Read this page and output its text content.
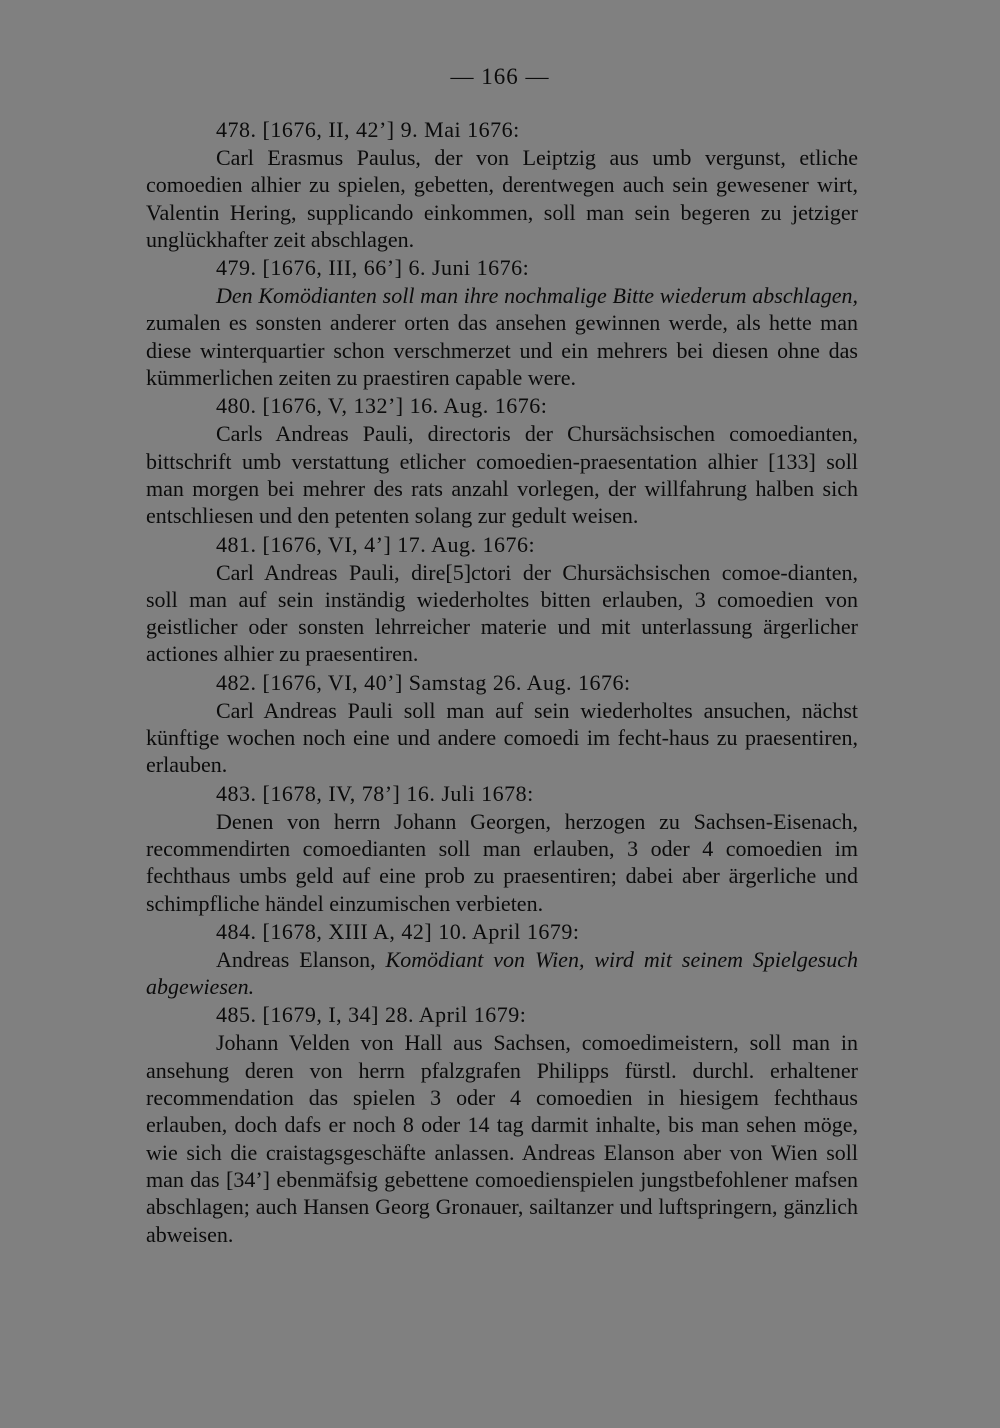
— 166 —
478. [1676, II, 42’] 9. Mai 1676:

Carl Erasmus Paulus, der von Leiptzig aus umb vergunst, etliche comoedien alhier zu spielen, gebetten, derentwegen auch sein gewesener wirt, Valentin Hering, supplicando einkommen, soll man sein begeren zu jetziger unglückhafter zeit abschlagen.

479. [1676, III, 66’] 6. Juni 1676:

Den Komödianten soll man ihre nochmalige Bitte wiederum abschlagen, zumalen es sonsten anderer orten das ansehen gewinnen werde, als hette man diese winterquartier schon verschmerzet und ein mehrers bei diesen ohne das kümmerlichen zeiten zu praestiren capable were.

480. [1676, V, 132’] 16. Aug. 1676:

Carls Andreas Pauli, directoris der Chursächsischen comoedianten, bittschrift umb verstattung etlicher comoedien-praesentation alhier [133] soll man morgen bei mehrer des rats anzahl vorlegen, der willfahrung halben sich entschliesen und den petenten solang zur gedult weisen.

481. [1676, VI, 4’] 17. Aug. 1676:

Carl Andreas Pauli, dire[5]ctori der Chursächsischen comoe-dianten, soll man auf sein inständig wiederholtes bitten erlauben, 3 comoedien von geistlicher oder sonsten lehrreicher materie und mit unterlassung ärgerlicher actiones alhier zu praesentiren.

482. [1676, VI, 40’] Samstag 26. Aug. 1676:

Carl Andreas Pauli soll man auf sein wiederholtes ansuchen, nächst künftige wochen noch eine und andere comoedi im fecht-haus zu praesentiren, erlauben.

483. [1678, IV, 78’] 16. Juli 1678:

Denen von herrn Johann Georgen, herzogen zu Sachsen-Eisenach, recommendirten comoedianten soll man erlauben, 3 oder 4 comoedien im fechthaus umbs geld auf eine prob zu praesentiren; dabei aber ärgerliche und schimpfliche händel einzumischen verbieten.

484. [1678, XIII A, 42] 10. April 1679:

Andreas Elanson, Komödiant von Wien, wird mit seinem Spielgesuch abgewiesen.

485. [1679, I, 34] 28. April 1679:

Johann Velden von Hall aus Sachsen, comoedimeistern, soll man in ansehung deren von herrn pfalzgrafen Philipps fürstl. durchl. erhaltener recommendation das spielen 3 oder 4 comoedien in hiesigem fechthaus erlauben, doch dafs er noch 8 oder 14 tag darmit inhalte, bis man sehen möge, wie sich die craistagsgeschäfte anlassen. Andreas Elanson aber von Wien soll man das [34’] ebenmäfsig gebettene comoedienspielen jungstbefohlener mafsen abschlagen; auch Hansen Georg Gronauer, sailtanzer und luftspringern, gänzlich abweisen.
